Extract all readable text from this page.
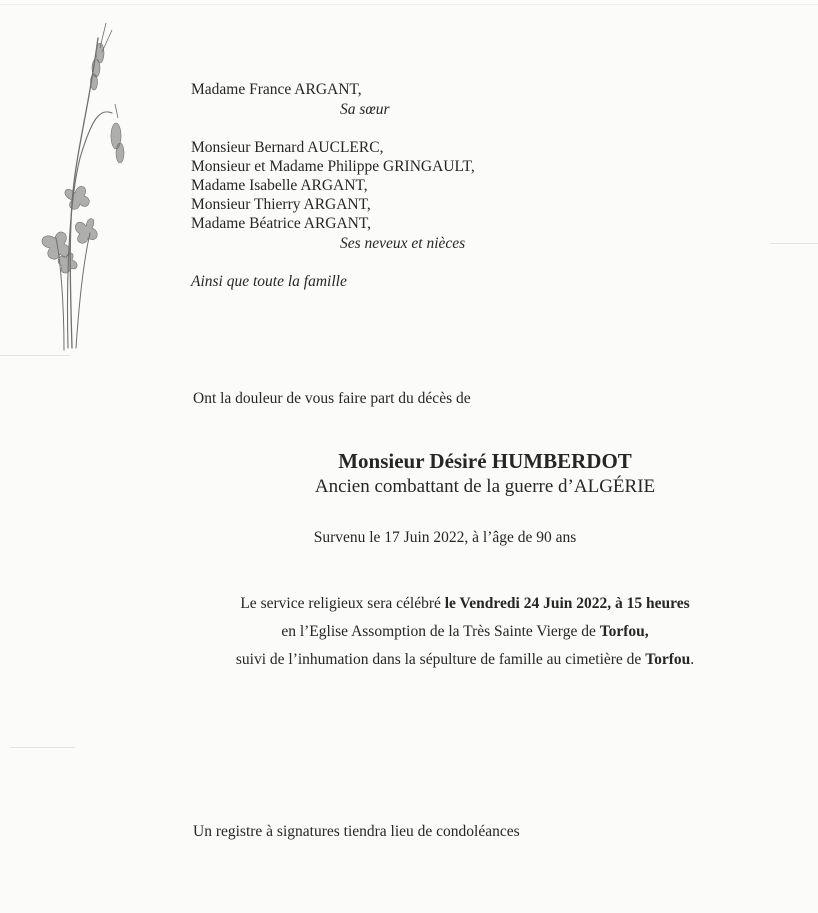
Madame France ARGANT,
Sa sœur
Monsieur Bernard AUCLERC,
Monsieur et Madame Philippe GRINGAULT,
Madame Isabelle ARGANT,
Monsieur Thierry ARGANT,
Madame Béatrice ARGANT,
Ses neveux et nièces
Ainsi que toute la famille
Ont la douleur de vous faire part du décès de
Monsieur Désiré HUMBERDOT
Ancien combattant de la guerre d’ALGÉRIE
Survenu le 17 Juin 2022, à l’âge de 90 ans
Le service religieux sera célébré le Vendredi 24 Juin 2022, à 15 heures
en l’Eglise Assomption de la Très Sainte Vierge de Torfou,
suivi de l’inhumation dans la sépulture de famille au cimetière de Torfou.
Un registre à signatures tiendra lieu de condoléances
